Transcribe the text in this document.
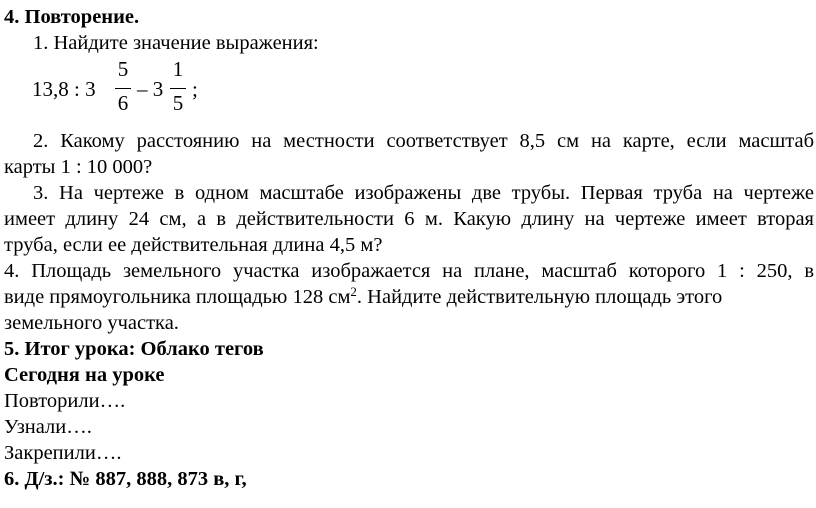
4. Повторение.
1. Найдите значение выражения:
13,8 : 3
5
6
– 3
1
5
;
2. Какому расстоянию на местности соответствует 8,5 см на карте, если масштаб
карты 1 : 10 000?
3. На чертеже в одном масштабе изображены две трубы. Первая труба на чертеже
имеет длину 24 см, а в действительности 6 м. Какую длину на чертеже имеет вторая
труба, если ее действительная длина 4,5 м?
4. Площадь земельного участка изображается на плане, масштаб которого 1 : 250, в
виде прямоугольника площадью 128 $см^2$. Найдите действительную площадь этого
земельного участка.
5. Итог урока: Облако тегов
Сегодня на уроке
Повторили….
Узнали….
Закрепили….
6. Д/з.: № 887, 888, 873 в, г,
